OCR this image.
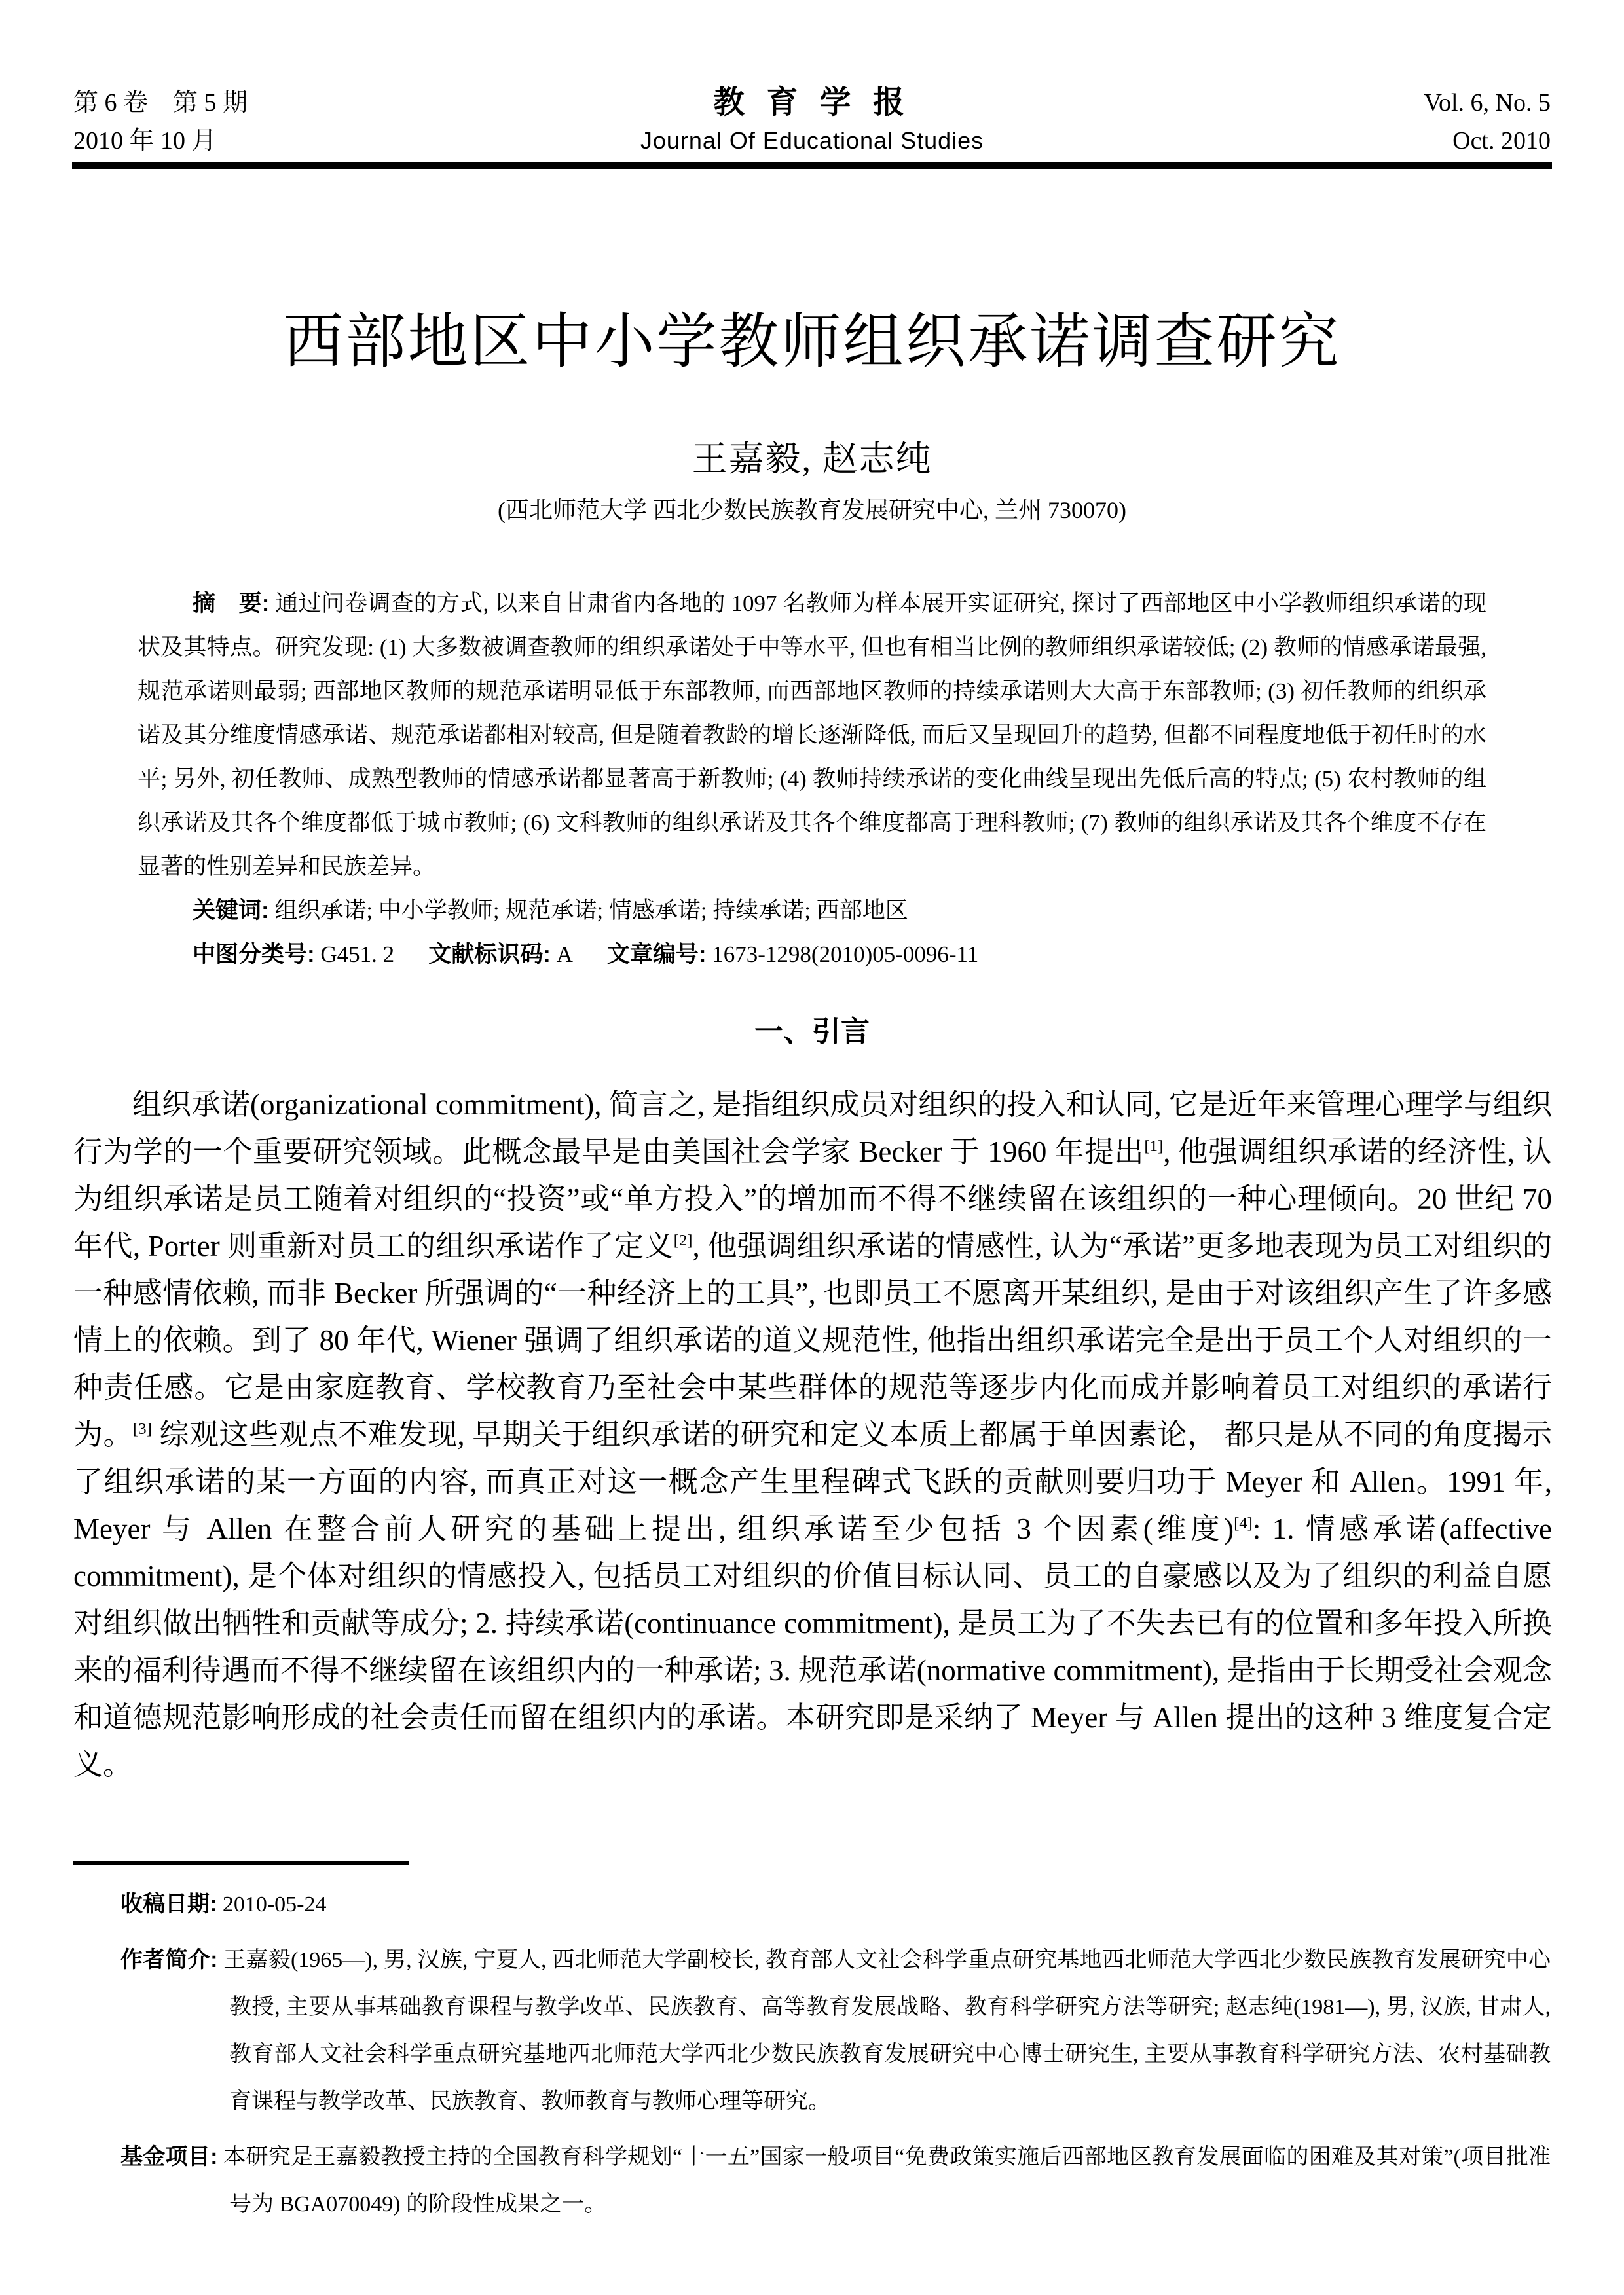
第 6 卷　第 5 期
2010 年 10 月
教 育 学 报
Journal Of Educational Studies
Vol. 6, No. 5
Oct. 2010
西部地区中小学教师组织承诺调查研究
王嘉毅, 赵志纯
(西北师范大学 西北少数民族教育发展研究中心, 兰州 730070)

摘　要: 通过问卷调查的方式, 以来自甘肃省内各地的 1097 名教师为样本展开实证研究, 探讨了西部地区中小学教师组织承诺的现状及其特点。研究发现: (1) 大多数被调查教师的组织承诺处于中等水平, 但也有相当比例的教师组织承诺较低; (2) 教师的情感承诺最强, 规范承诺则最弱; 西部地区教师的规范承诺明显低于东部教师, 而西部地区教师的持续承诺则大大高于东部教师; (3) 初任教师的组织承诺及其分维度情感承诺、规范承诺都相对较高, 但是随着教龄的增长逐渐降低, 而后又呈现回升的趋势, 但都不同程度地低于初任时的水平; 另外, 初任教师、成熟型教师的情感承诺都显著高于新教师; (4) 教师持续承诺的变化曲线呈现出先低后高的特点; (5) 农村教师的组织承诺及其各个维度都低于城市教师; (6) 文科教师的组织承诺及其各个维度都高于理科教师; (7) 教师的组织承诺及其各个维度不存在显著的性别差异和民族差异。

关键词: 组织承诺; 中小学教师; 规范承诺; 情感承诺; 持续承诺; 西部地区

中图分类号: G451. 2 文献标识码: A 文章编号: 1673-1298(2010)05-0096-11

一、引言

组织承诺(organizational commitment), 简言之, 是指组织成员对组织的投入和认同, 它是近年来管理心理学与组织行为学的一个重要研究领域。此概念最早是由美国社会学家 Becker 于 1960 年提出[1], 他强调组织承诺的经济性, 认为组织承诺是员工随着对组织的“投资”或“单方投入”的增加而不得不继续留在该组织的一种心理倾向。20 世纪 70 年代, Porter 则重新对员工的组织承诺作了定义[2], 他强调组织承诺的情感性, 认为“承诺”更多地表现为员工对组织的一种感情依赖, 而非 Becker 所强调的“一种经济上的工具”, 也即员工不愿离开某组织, 是由于对该组织产生了许多感情上的依赖。到了 80 年代, Wiener 强调了组织承诺的道义规范性, 他指出组织承诺完全是出于员工个人对组织的一种责任感。它是由家庭教育、学校教育乃至社会中某些群体的规范等逐步内化而成并影响着员工对组织的承诺行为。[3] 综观这些观点不难发现, 早期关于组织承诺的研究和定义本质上都属于单因素论， 都只是从不同的角度揭示了组织承诺的某一方面的内容, 而真正对这一概念产生里程碑式飞跃的贡献则要归功于 Meyer 和 Allen。1991 年, Meyer 与 Allen 在整合前人研究的基础上提出, 组织承诺至少包括 3 个因素(维度)[4]: 1. 情感承诺(affective commitment), 是个体对组织的情感投入, 包括员工对组织的价值目标认同、员工的自豪感以及为了组织的利益自愿对组织做出牺牲和贡献等成分; 2. 持续承诺(continuance commitment), 是员工为了不失去已有的位置和多年投入所换来的福利待遇而不得不继续留在该组织内的一种承诺; 3. 规范承诺(normative commitment), 是指由于长期受社会观念和道德规范影响形成的社会责任而留在组织内的承诺。本研究即是采纳了 Meyer 与 Allen 提出的这种 3 维度复合定义。

收稿日期: 2010-05-24

作者简介: 王嘉毅(1965—), 男, 汉族, 宁夏人, 西北师范大学副校长, 教育部人文社会科学重点研究基地西北师范大学西北少数民族教育发展研究中心教授, 主要从事基础教育课程与教学改革、民族教育、高等教育发展战略、教育科学研究方法等研究; 赵志纯(1981—), 男, 汉族, 甘肃人, 教育部人文社会科学重点研究基地西北师范大学西北少数民族教育发展研究中心博士研究生, 主要从事教育科学研究方法、农村基础教育课程与教学改革、民族教育、教师教育与教师心理等研究。

基金项目: 本研究是王嘉毅教授主持的全国教育科学规划“十一五”国家一般项目“免费政策实施后西部地区教育发展面临的困难及其对策”(项目批准号为 BGA070049) 的阶段性成果之一。
